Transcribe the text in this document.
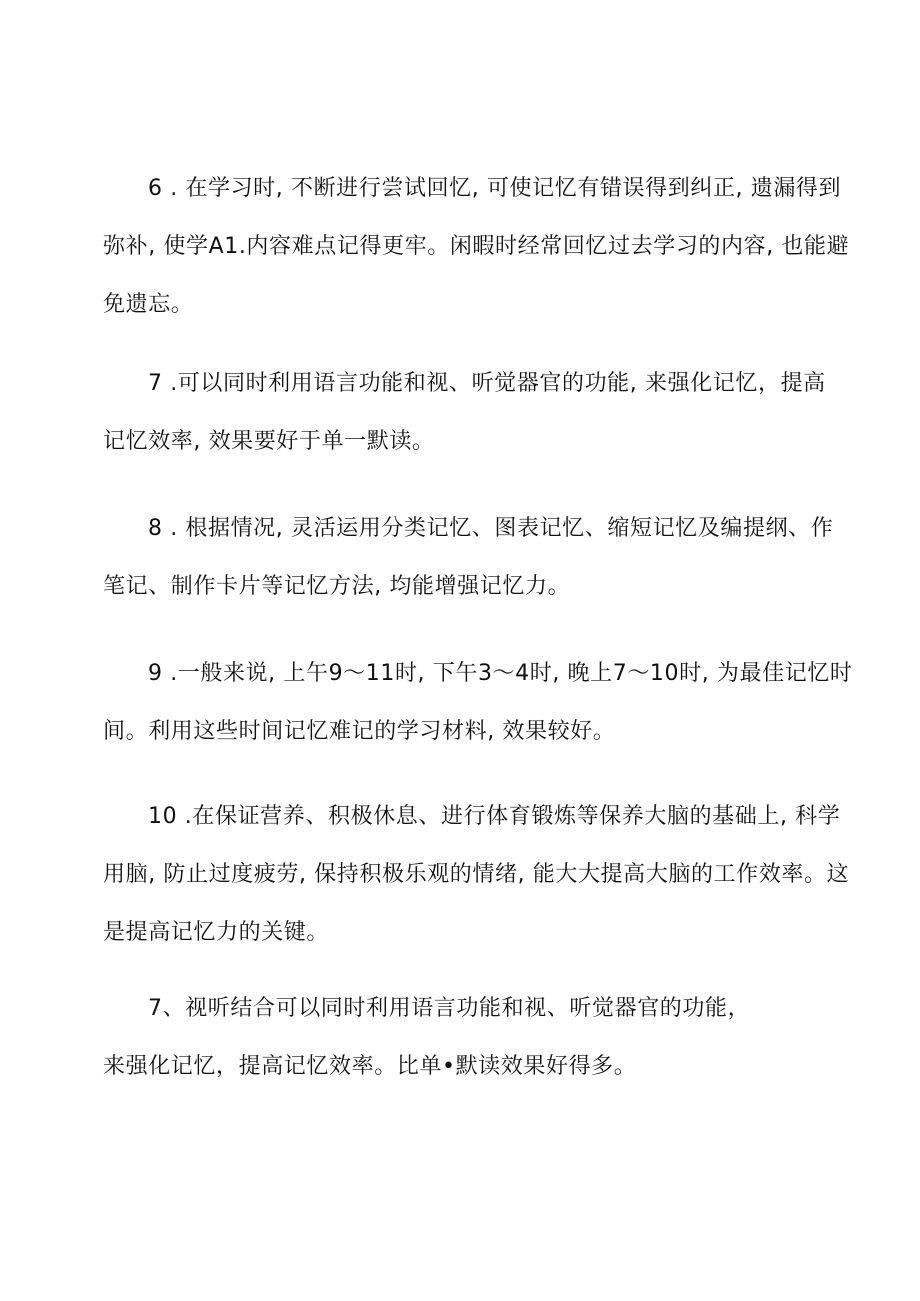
6 . 在学习时, 不断进行尝试回忆, 可使记忆有错误得到纠正, 遗漏得到
弥补, 使学A1.内容难点记得更牢。闲暇时经常回忆过去学习的内容, 也能避
免遗忘。
7 .可以同时利用语言功能和视、听觉器官的功能, 来强化记忆，提高
记忆效率, 效果要好于单一默读。
8 . 根据情况, 灵活运用分类记忆、图表记忆、缩短记忆及编提纲、作
笔记、制作卡片等记忆方法, 均能增强记忆力。
9 .一般来说, 上午9～11时, 下午3～4时, 晚上7～10时, 为最佳记忆时
间。利用这些时间记忆难记的学习材料, 效果较好。
10 .在保证营养、积极休息、进行体育锻炼等保养大脑的基础上, 科学
用脑, 防止过度疲劳, 保持积极乐观的情绪, 能大大提高大脑的工作效率。这
是提高记忆力的关键。
7、视听结合可以同时利用语言功能和视、听觉器官的功能，
来强化记忆，提高记忆效率。比单•默读效果好得多。
